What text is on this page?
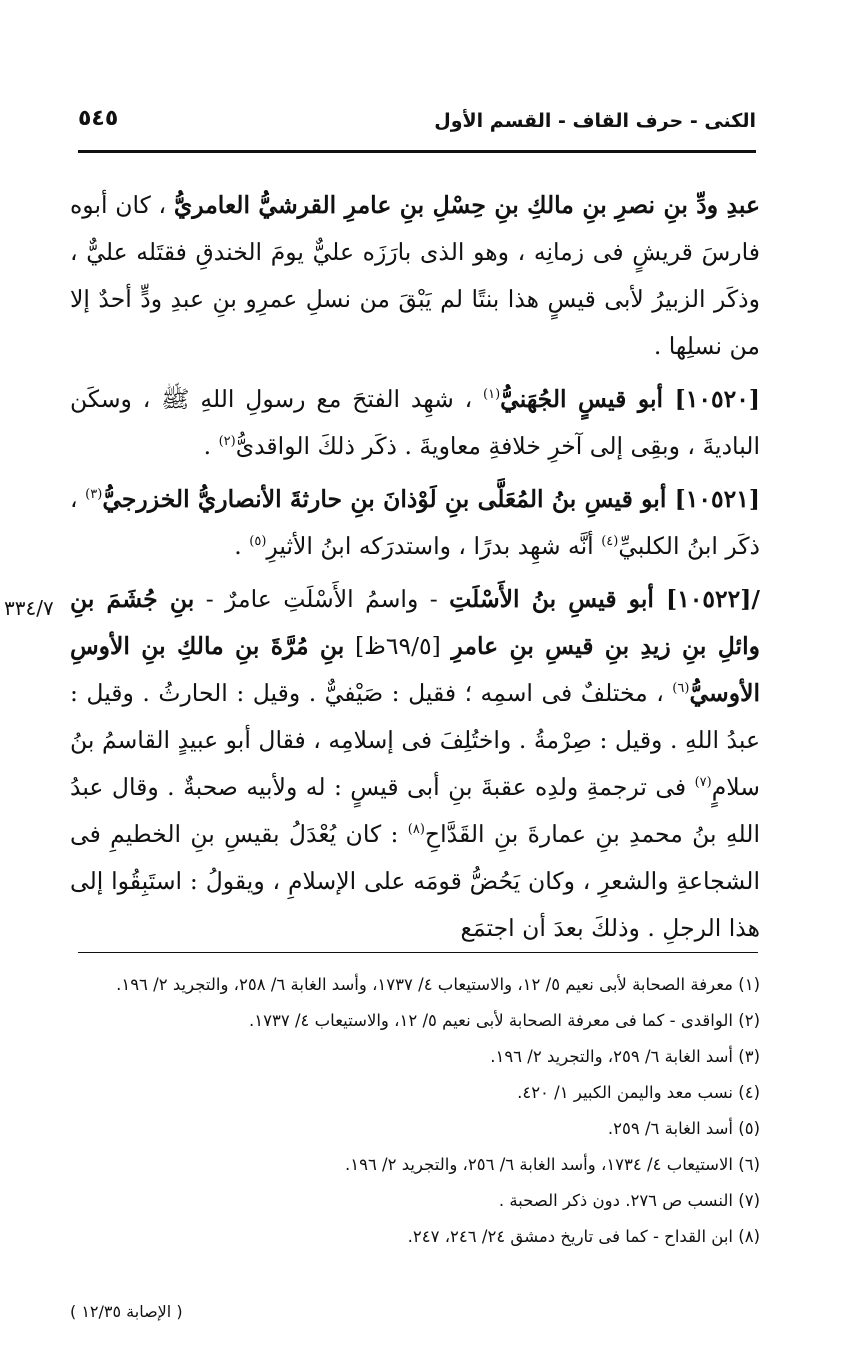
الكنى - حرف القاف - القسم الأول
٥٤٥
٣٣٤/٧

عبدِ ودِّ بنِ نصرِ بنِ مالكِ بنِ حِسْلِ بنِ عامرِ القرشيُّ العامريُّ ، كان أبوه فارسَ قريشٍ فى زمانِه ، وهو الذى بارَزَه عليٌّ يومَ الخندقِ فقتَله عليٌّ ، وذكَر الزبيرُ لأبى قيسٍ هذا بنتًا لم يَبْقَ من نسلِ عمرِو بنِ عبدِ ودٍّ أحدٌ إلا من نسلِها .

[١٠٥٢٠] أبو قيسٍ الجُهَنيُّ$^{(١)}$ ، شهِد الفتحَ مع رسولِ اللهِ ﷺ ، وسكَن الباديةَ ، وبقِى إلى آخرِ خلافةِ معاويةَ . ذكَر ذلكَ الواقدىُّ$^{(٢)}$ .

[١٠٥٢١] أبو قيسِ بنُ المُعَلَّى بنِ لَوْذانَ بنِ حارثةَ الأنصاريُّ الخزرجيُّ$^{(٣)}$ ، ذكَر ابنُ الكلبيِّ$^{(٤)}$ أنَّه شهِد بدرًا ، واستدرَكه ابنُ الأثيرِ$^{(٥)}$ .

/[١٠٥٢٢] أبو قيسِ بنُ الأَسْلَتِ - واسمُ الأَسْلَتِ عامرٌ - بنِ جُشَمَ بنِ وائلِ بنِ زيدِ بنِ قيسِ بنِ عامرِ [٦٩/٥ظ] بنِ مُرَّةَ بنِ مالكِ بنِ الأوسِ الأوسيُّ$^{(٦)}$ ، مختلفٌ فى اسمِه ؛ فقيل : صَيْفيٌّ . وقيل : الحارثُ . وقيل : عبدُ اللهِ . وقيل : صِرْمةُ . واختُلِفَ فى إسلامِه ، فقال أبو عبيدٍ القاسمُ بنُ سلامٍ$^{(٧)}$ فى ترجمةِ ولدِه عقبةَ بنِ أبى قيسٍ : له ولأبيه صحبةٌ . وقال عبدُ اللهِ بنُ محمدِ بنِ عمارةَ بنِ القَدَّاحِ$^{(٨)}$ : كان يُعْدَلُ بقيسِ بنِ الخطيمِ فى الشجاعةِ والشعرِ ، وكان يَحُضُّ قومَه على الإسلامِ ، ويقولُ : استَبِقُوا إلى هذا الرجلِ . وذلكَ بعدَ أن اجتمَع

(١) معرفة الصحابة لأبى نعيم ٥/ ١٢، والاستيعاب ٤/ ١٧٣٧، وأسد الغابة ٦/ ٢٥٨، والتجريد ٢/ ١٩٦.

(٢) الواقدى - كما فى معرفة الصحابة لأبى نعيم ٥/ ١٢، والاستيعاب ٤/ ١٧٣٧.

(٣) أسد الغابة ٦/ ٢٥٩، والتجريد ٢/ ١٩٦.

(٤) نسب معد واليمن الكبير ١/ ٤٢٠.

(٥) أسد الغابة ٦/ ٢٥٩.

(٦) الاستيعاب ٤/ ١٧٣٤، وأسد الغابة ٦/ ٢٥٦، والتجريد ٢/ ١٩٦.

(٧) النسب ص ٢٧٦. دون ذكر الصحبة .

(٨) ابن القداح - كما فى تاريخ دمشق ٢٤/ ٢٤٦، ٢٤٧.

( الإصابة ١٢/٣٥ )
